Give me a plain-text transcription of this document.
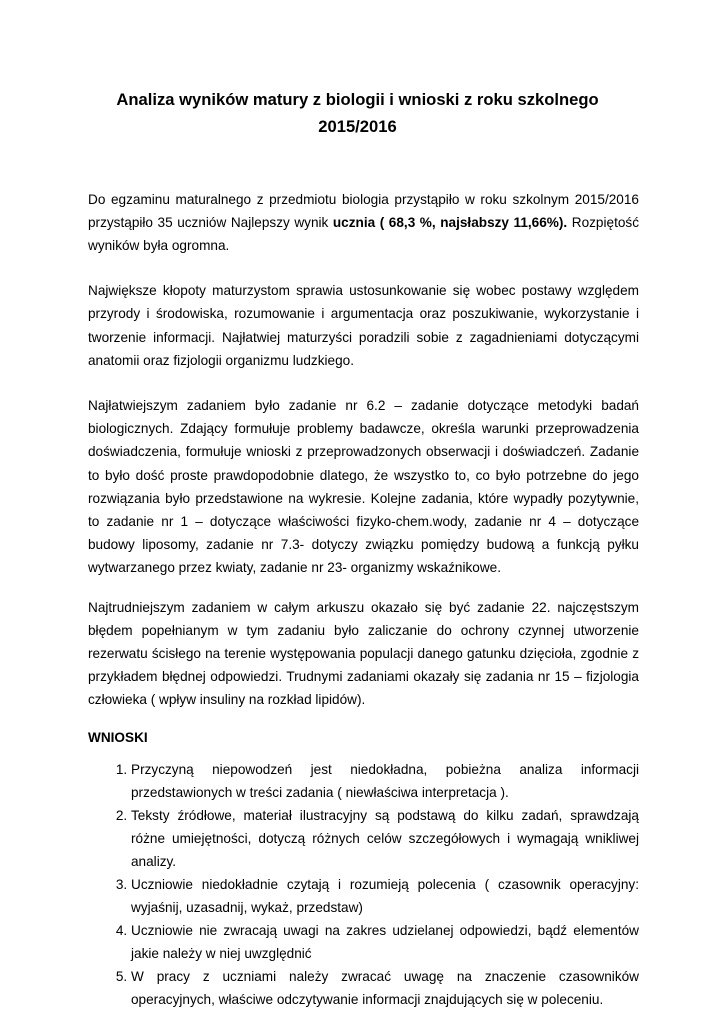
Analiza wyników matury z biologii i wnioski z roku szkolnego
2015/2016

Do egzaminu maturalnego z przedmiotu biologia przystąpiło w roku szkolnym 2015/2016 przystąpiło 35 uczniów Najlepszy wynik ucznia ( 68,3 %, najsłabszy 11,66%). Rozpiętość wyników była ogromna.

Największe kłopoty maturzystom sprawia ustosunkowanie się wobec postawy względem przyrody i środowiska, rozumowanie i argumentacja oraz poszukiwanie, wykorzystanie i tworzenie informacji. Najłatwiej maturzyści poradzili sobie z zagadnieniami dotyczącymi anatomii oraz fizjologii organizmu ludzkiego.

Najłatwiejszym zadaniem było zadanie nr 6.2 – zadanie dotyczące metodyki badań biologicznych. Zdający formułuje problemy badawcze, określa warunki przeprowadzenia doświadczenia, formułuje wnioski z przeprowadzonych obserwacji i doświadczeń. Zadanie to było dość proste prawdopodobnie dlatego, że wszystko to, co było potrzebne do jego rozwiązania było przedstawione na wykresie. Kolejne zadania, które wypadły pozytywnie, to zadanie nr 1 – dotyczące właściwości fizyko-chem.wody, zadanie nr 4 – dotyczące budowy liposomy, zadanie nr 7.3- dotyczy związku pomiędzy budową a funkcją pyłku wytwarzanego przez kwiaty, zadanie nr 23- organizmy wskaźnikowe.

Najtrudniejszym zadaniem w całym arkuszu okazało się być zadanie 22. najczęstszym błędem popełnianym w tym zadaniu było zaliczanie do ochrony czynnej utworzenie rezerwatu ścisłego na terenie występowania populacji danego gatunku dzięcioła, zgodnie z przykładem błędnej odpowiedzi. Trudnymi zadaniami okazały się zadania nr 15 – fizjologia człowieka ( wpływ insuliny na rozkład lipidów).

WNIOSKI
1. Przyczyną niepowodzeń jest niedokładna, pobieżna analiza informacji przedstawionych w treści zadania ( niewłaściwa interpretacja ).
2. Teksty źródłowe, materiał ilustracyjny są podstawą do kilku zadań, sprawdzają różne umiejętności, dotyczą różnych celów szczegółowych i wymagają wnikliwej analizy.
3. Uczniowie niedokładnie czytają i rozumieją polecenia ( czasownik operacyjny: wyjaśnij, uzasadnij, wykaż, przedstaw)
4. Uczniowie nie zwracają uwagi na zakres udzielanej odpowiedzi, bądź elementów jakie należy w niej uwzględnić
5. W pracy z uczniami należy zwracać uwagę na znaczenie czasowników operacyjnych, właściwe odczytywanie informacji znajdujących się w poleceniu.
